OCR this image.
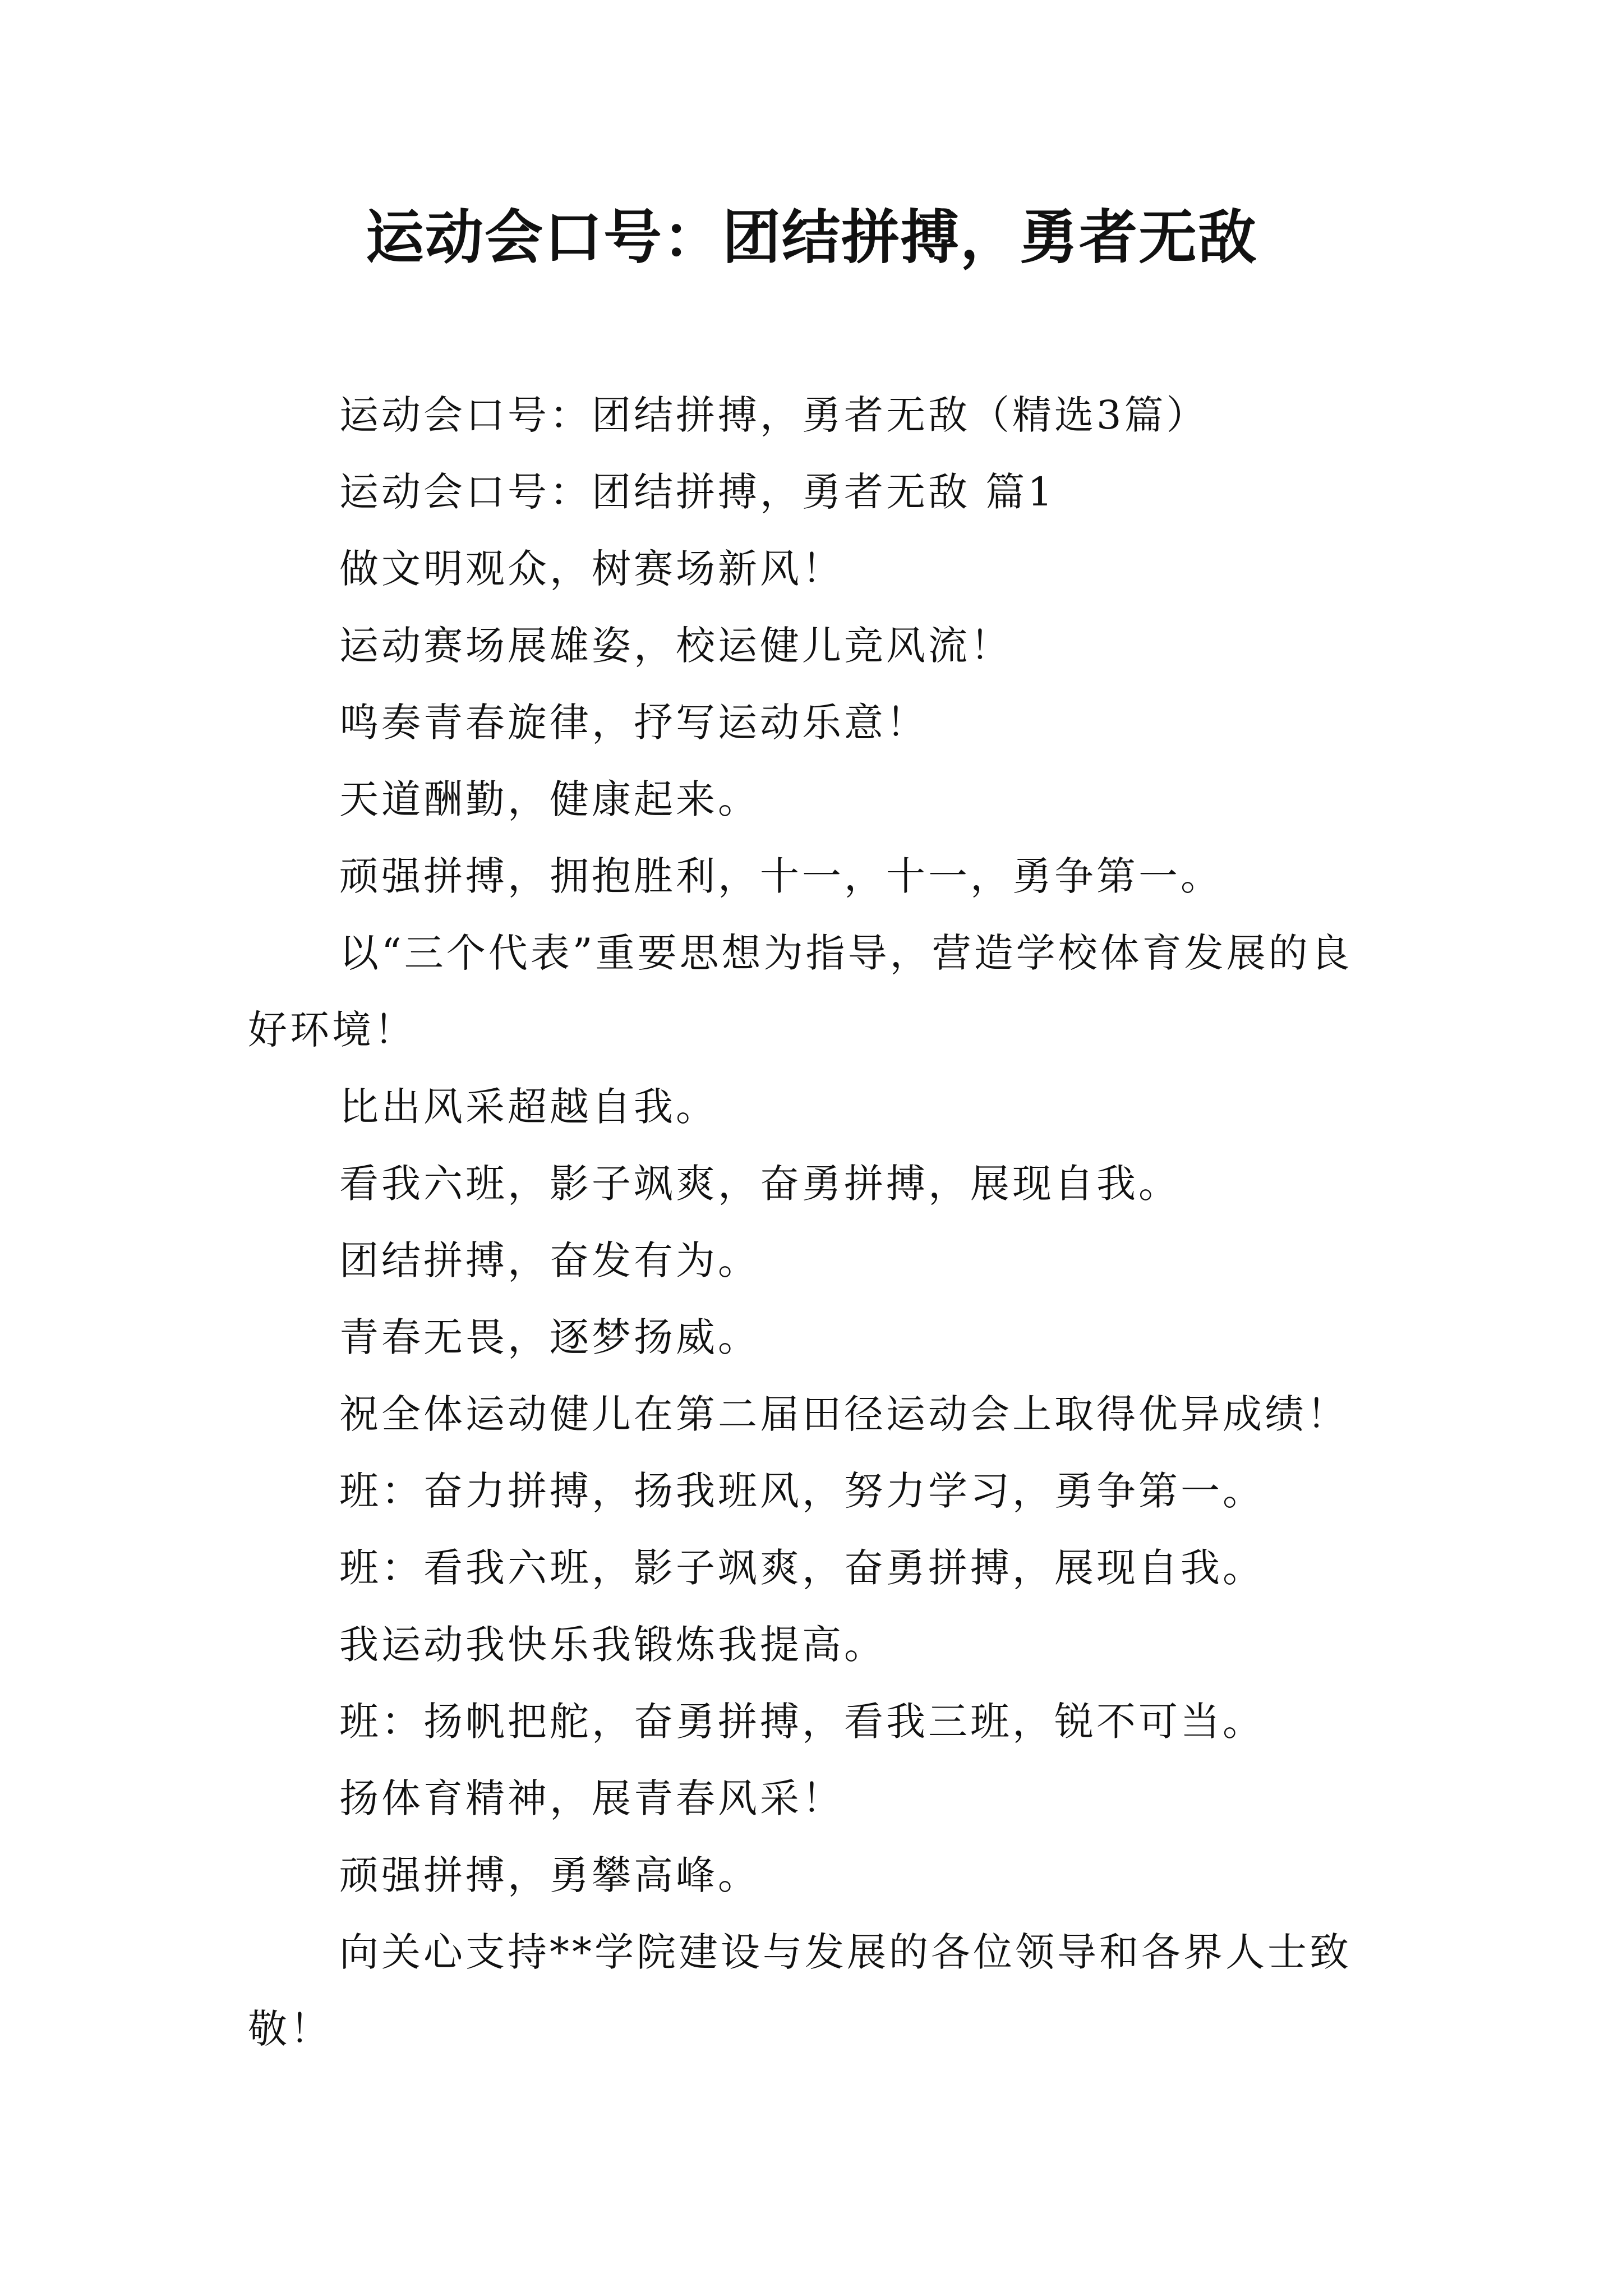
运动会口号：团结拼搏，勇者无敌

运动会口号：团结拼搏，勇者无敌（精选3篇）

运动会口号：团结拼搏，勇者无敌 篇1

做文明观众，树赛场新风！

运动赛场展雄姿，校运健儿竞风流！

鸣奏青春旋律，抒写运动乐意！

天道酬勤，健康起来。

顽强拼搏，拥抱胜利，十一，十一，勇争第一。

以“三个代表”重要思想为指导，营造学校体育发展的良好环境！

比出风采超越自我。

看我六班，影子飒爽，奋勇拼搏，展现自我。

团结拼搏，奋发有为。

青春无畏，逐梦扬威。

祝全体运动健儿在第二届田径运动会上取得优异成绩！

班：奋力拼搏，扬我班风，努力学习，勇争第一。

班：看我六班，影子飒爽，奋勇拼搏，展现自我。

我运动我快乐我锻炼我提高。

班：扬帆把舵，奋勇拼搏，看我三班，锐不可当。

扬体育精神，展青春风采！

顽强拼搏，勇攀高峰。

向关心支持**学院建设与发展的各位领导和各界人士致敬！
